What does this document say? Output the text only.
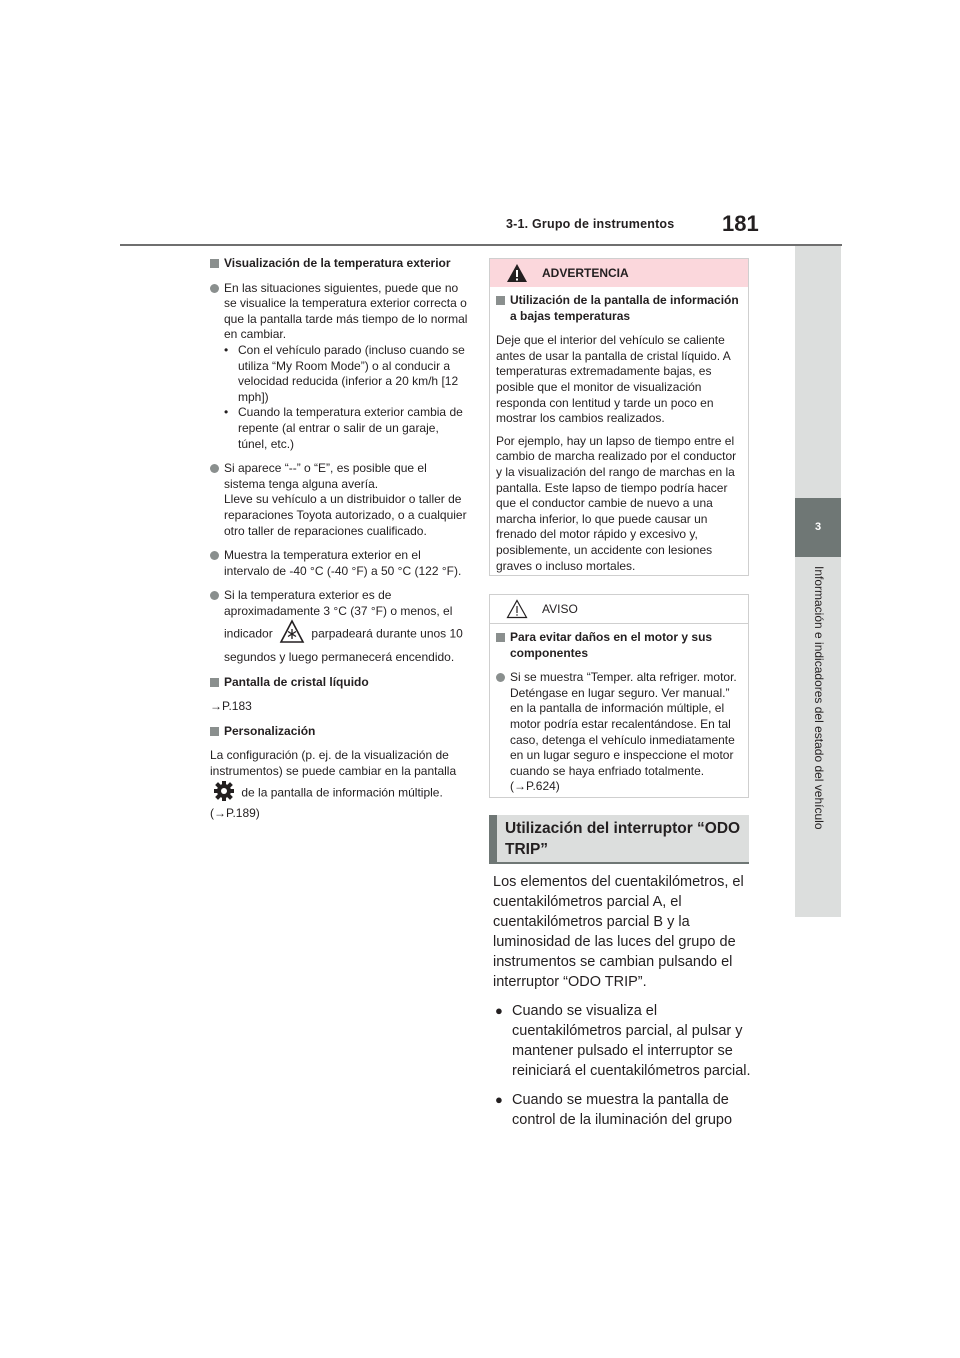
3-1. Grupo de instrumentos 181
3
Información e indicadores del estado del vehículo

Visualización de la temperatura exterior

En las situaciones siguientes, puede que no se visualice la temperatura exterior correcta o que la pantalla tarde más tiempo de lo normal en cambiar.

• Con el vehículo parado (incluso cuando se utiliza “My Room Mode”) o al conducir a velocidad reducida (inferior a 20 km/h [12 mph])
• Cuando la temperatura exterior cambia de repente (al entrar o salir de un garaje, túnel, etc.)

Si aparece “--” o “E”, es posible que el sistema tenga alguna avería.

Lleve su vehículo a un distribuidor o taller de reparaciones Toyota autorizado, o a cualquier otro taller de reparaciones cualificado.

Muestra la temperatura exterior en el intervalo de -40 °C (-40 °F) a 50 °C (122 °F).

Si la temperatura exterior es de aproximadamente 3 °C (37 °F) o menos, el indicador	parpadeará durante unos 10 segundos y luego permanecerá encendido.

Pantalla de cristal líquido

→P.183

Personalización

La configuración (p. ej. de la visualización de instrumentos) se puede cambiar en la pantalla  de la pantalla de información múltiple. (→P.189)

ADVERTENCIA

Utilización de la pantalla de información a bajas temperaturas

Deje que el interior del vehículo se caliente antes de usar la pantalla de cristal líquido. A temperaturas extremadamente bajas, es posible que el monitor de visualización responda con lentitud y tarde un poco en mostrar los cambios realizados.

Por ejemplo, hay un lapso de tiempo entre el cambio de marcha realizado por el conductor y la visualización del rango de marchas en la pantalla. Este lapso de tiempo podría hacer que el conductor cambie de nuevo a una marcha inferior, lo que puede causar un frenado del motor rápido y excesivo y, posiblemente, un accidente con lesiones graves o incluso mortales.

AVISO

Para evitar daños en el motor y sus componentes

Si se muestra “Temper. alta refriger. motor. Deténgase en lugar seguro. Ver manual.” en la pantalla de información múltiple, el motor podría estar recalentándose. En tal caso, detenga el vehículo inmediatamente en un lugar seguro e inspeccione el motor cuando se haya enfriado totalmente. (→P.624)

Utilización del interruptor “ODO TRIP”

Los elementos del cuentakilómetros, el cuentakilómetros parcial A, el cuentakilómetros parcial B y la luminosidad de las luces del grupo de instrumentos se cambian pulsando el interruptor “ODO TRIP”.

● Cuando se visualiza el cuentakilómetros parcial, al pulsar y mantener pulsado el interruptor se reiniciará el cuentakilómetros parcial.

● Cuando se muestra la pantalla de control de la iluminación del grupo
